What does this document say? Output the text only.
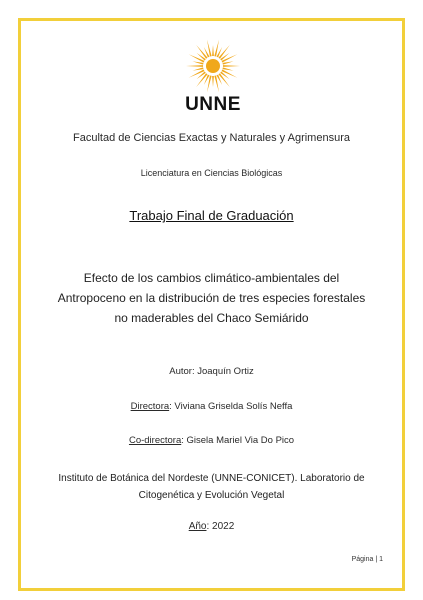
UNNE
Facultad de Ciencias Exactas y Naturales y Agrimensura
Licenciatura en Ciencias Biológicas
Trabajo Final de Graduación
Efecto de los cambios climático-ambientales del
Antropoceno en la distribución de tres especies forestales
no maderables del Chaco Semiárido
Autor: Joaquín Ortiz
Directora: Viviana Griselda Solís Neffa
Co-directora: Gisela Mariel Via Do Pico
Instituto de Botánica del Nordeste (UNNE-CONICET). Laboratorio de
Citogenética y Evolución Vegetal
Año: 2022
Página | 1
